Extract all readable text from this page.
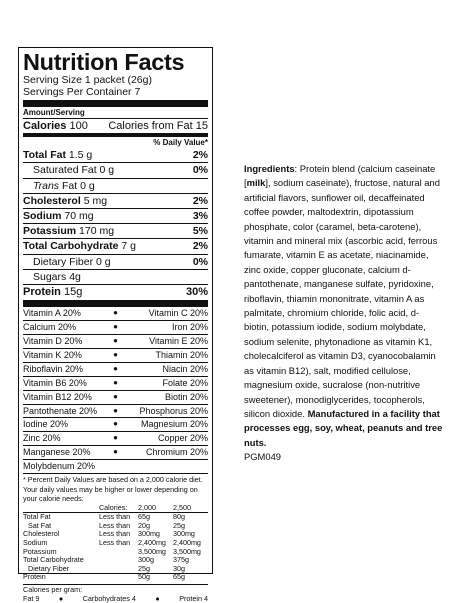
Nutrition Facts
Serving Size 1 packet (26g)
Servings Per Container 7
Amount/Serving
Calories 100 Calories from Fat 15
% Daily Value*
Total Fat 1.5 g	2%
Saturated Fat 0 g	0%
Trans Fat 0 g
Cholesterol 5 mg	2%
Sodium 70 mg	3%
Potassium 170 mg	5%
Total Carbohydrate 7 g	2%
Dietary Fiber 0 g	0%
Sugars 4g
Protein 15g	30%
Vitamin A 20%	●	Vitamin C 20%
Calcium 20%	●	Iron 20%
Vitamin D 20%	●	Vitamin E 20%
Vitamin K 20%	●	Thiamin 20%
Riboflavin 20%	●	Niacin 20%
Vitamin B6 20%	●	Folate 20%
Vitamin B12 20%	●	Biotin 20%
Pantothenate 20%	●	Phosphorus 20%
Iodine 20%	●	Magnesium 20%
Zinc 20%	●	Copper 20%
Manganese 20%	●	Chromium 20%
Molybdenum 20%
* Percent Daily Values are based on a 2,000 calorie diet. Your daily values may be higher or lower depending on your calorie needs:
	Calories:	2,000	2,500
Total Fat	Less than	65g	80g
Sat Fat	Less than	20g	25g
Cholesterol	Less than	300mg	300mg
Sodium	Less than	2,400mg	2,400mg
Potassium		3,500mg	3,500mg
Total Carbohydrate		300g	375g
Dietary Fiber		25g	30g
Protein		50g	65g
Calories per gram:
Fat 9	●	Carbohydrates 4	●	Protein 4
Ingredients: Protein blend (calcium caseinate [milk], sodium caseinate), fructose, natural and artificial flavors, sunflower oil, decaffeinated coffee powder, maltodextrin, dipotassium phosphate, color (caramel, beta-carotene), vitamin and mineral mix (ascorbic acid, ferrous fumarate, vitamin E as acetate, niacinamide, zinc oxide, copper gluconate, calcium d-pantothenate, manganese sulfate, pyridoxine, riboflavin, thiamin mononitrate, vitamin A as palmitate, chromium chloride, folic acid, d-biotin, potassium iodide, sodium molybdate, sodium selenite, phytonadione as vitamin K1, cholecalciferol as vitamin D3, cyanocobalamin as vitamin B12), salt, modified cellulose, magnesium oxide, sucralose (non-nutritive sweetener), monodiglycerides, tocopherols, silicon dioxide. Manufactured in a facility that processes egg, soy, wheat, peanuts and tree nuts.
PGM049
